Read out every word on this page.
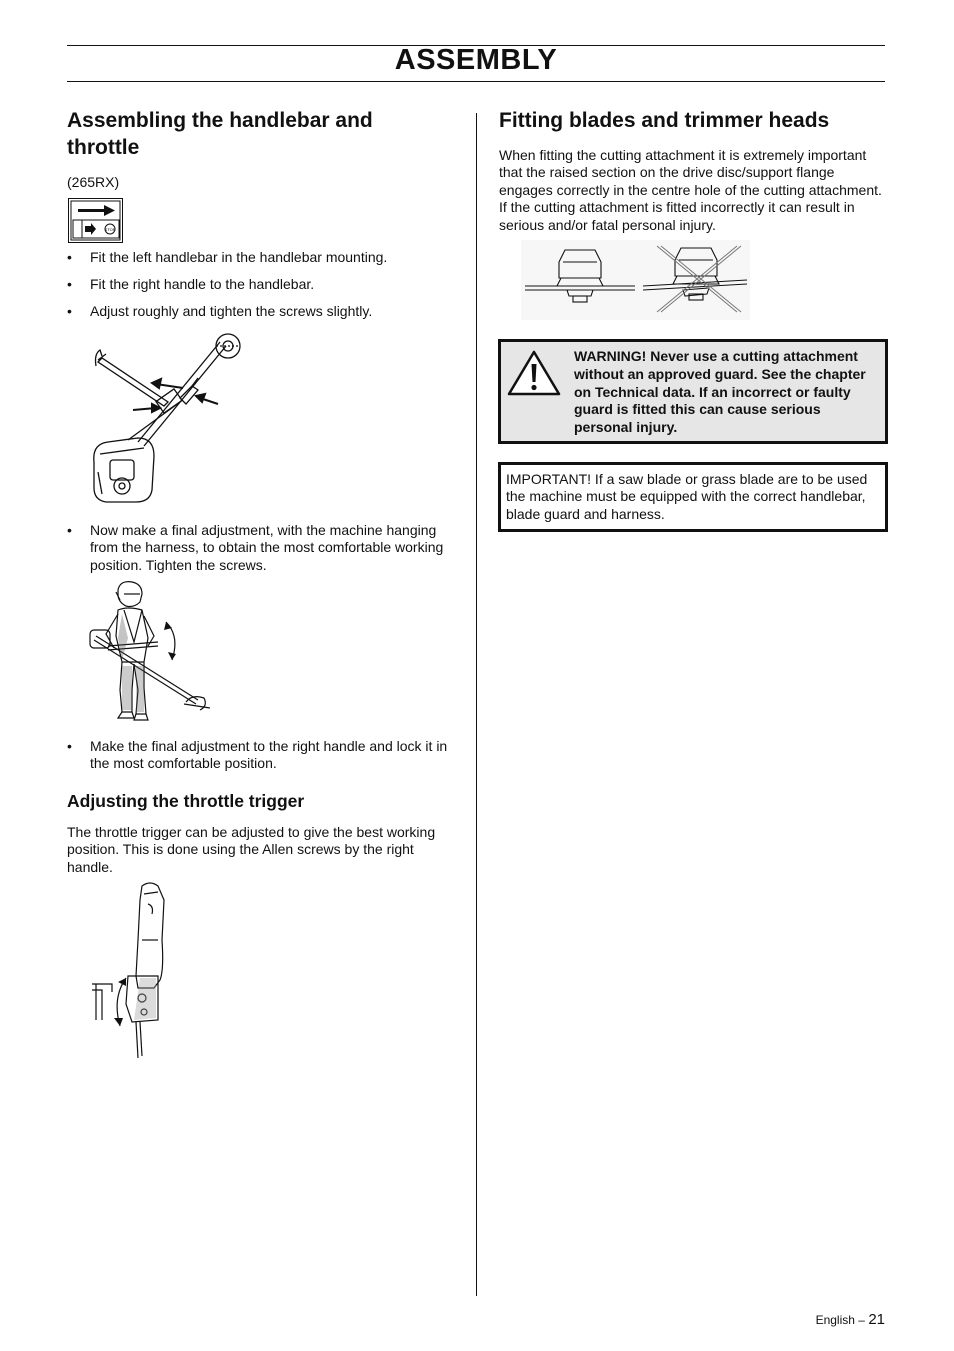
ASSEMBLY
Assembling the handlebar and
throttle
(265RX)
STOP
• Fit the left handlebar in the handlebar mounting.
• Fit the right handle to the handlebar.
• Adjust roughly and tighten the screws slightly.
• Now make a final adjustment, with the machine hanging
from the harness, to obtain the most comfortable working
position. Tighten the screws.
• Make the final adjustment to the right handle and lock it in
the most comfortable position.
Adjusting the throttle trigger
The throttle trigger can be adjusted to give the best working
position. This is done using the Allen screws by the right
handle.
Fitting blades and trimmer heads
When fitting the cutting attachment it is extremely important
that the raised section on the drive disc/support flange
engages correctly in the centre hole of the cutting attachment.
If the cutting attachment is fitted incorrectly it can result in
serious and/or fatal personal injury.
WARNING! Never use a cutting attachment
without an approved guard. See the chapter
on Technical data. If an incorrect or faulty
guard is fitted this can cause serious
personal injury.
IMPORTANT! If a saw blade or grass blade are to be used
the machine must be equipped with the correct handlebar,
blade guard and harness.
English – 21
